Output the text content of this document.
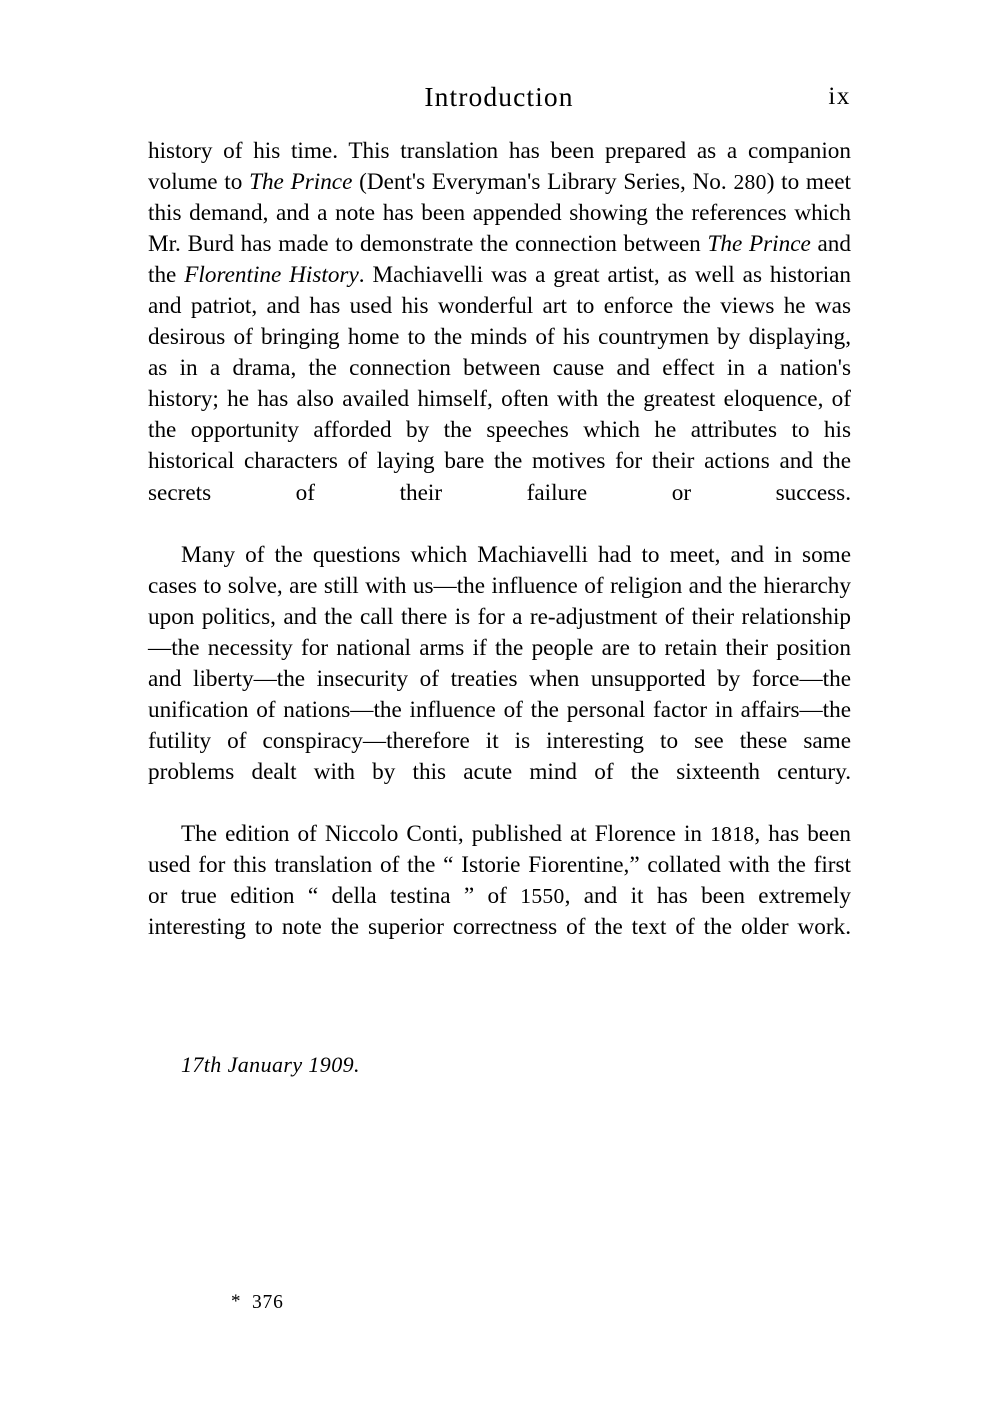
Introduction	ix

history of his time. This translation has been prepared as a companion volume to The Prince (Dent's Everyman's Library Series, No. 280) to meet this demand, and a note has been appended showing the references which Mr. Burd has made to demonstrate the connection between The Prince and the Florentine History. Machiavelli was a great artist, as well as historian and patriot, and has used his wonderful art to enforce the views he was desirous of bringing home to the minds of his countrymen by displaying, as in a drama, the connection between cause and effect in a nation's history; he has also availed himself, often with the greatest eloquence, of the opportunity afforded by the speeches which he attributes to his historical characters of laying bare the motives for their actions and the secrets of their failure or success.

Many of the questions which Machiavelli had to meet, and in some cases to solve, are still with us—the influence of religion and the hierarchy upon politics, and the call there is for a re-adjustment of their relationship—the necessity for national arms if the people are to retain their position and liberty—the insecurity of treaties when unsupported by force—the unification of nations—the influence of the personal factor in affairs—the futility of conspiracy—therefore it is interesting to see these same problems dealt with by this acute mind of the sixteenth century.

The edition of Niccolo Conti, published at Florence in 1818, has been used for this translation of the “ Istorie Fiorentine,” collated with the first or true edition “ della testina ” of 1550, and it has been extremely interesting to note the superior correctness of the text of the older work.

17th January 1909.
* 376
